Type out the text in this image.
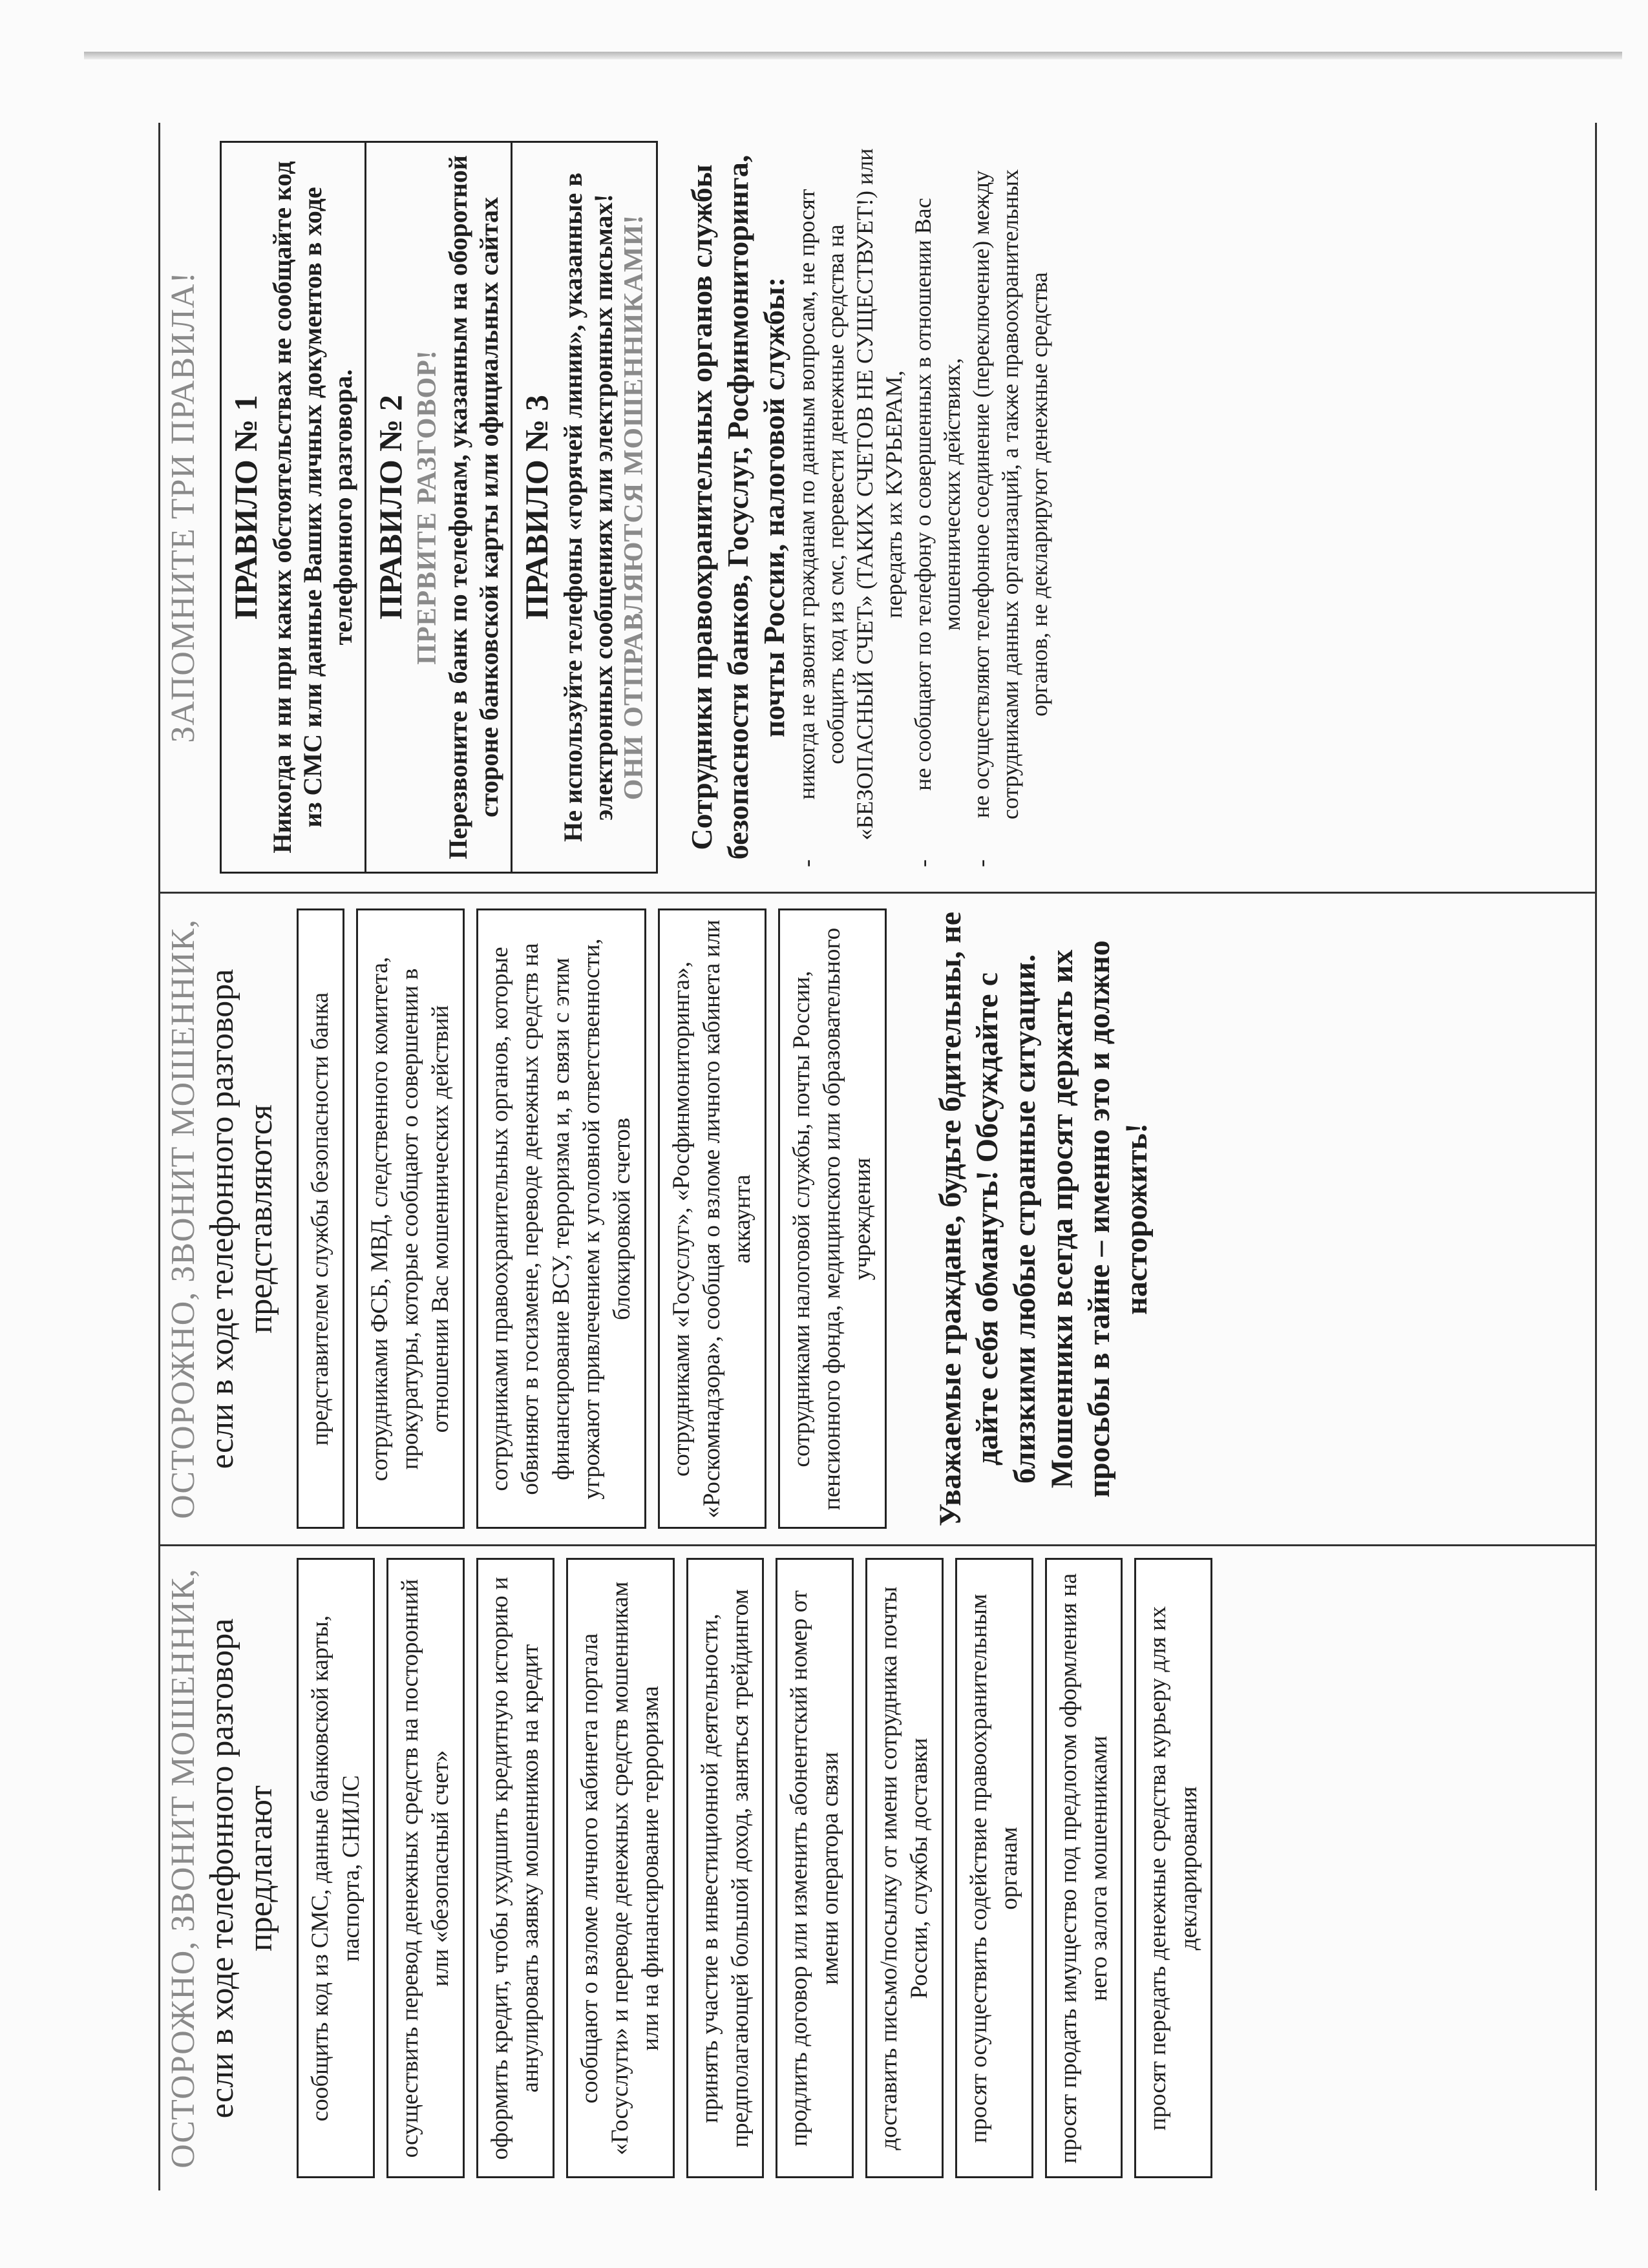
ОСТОРОЖНО, ЗВОНИТ МОШЕННИК, если в ходе телефонного разговора предлагают	сообщить код из СМС, данные банковской карты, паспорта, СНИЛС	осуществить перевод денежных средств на посторонний или «безопасный счет»	оформить кредит, чтобы ухудшить кредитную историю и аннулировать заявку мошенников на кредит	сообщают о взломе личного кабинета портала «Госуслуги» и переводе денежных средств мошенникам или на финансирование терроризма	принять участие в инвестиционной деятельности, предполагающей большой доход, заняться трейдингом	продлить договор или изменить абонентский номер от имени оператора связи	доставить письмо/посылку от имени сотрудника почты России, службы доставки	просят осуществить содействие правоохранительным органам	просят продать имущество под предлогом оформления на него залога мошенниками	просят передать денежные средства курьеру для их декларирования
ОСТОРОЖНО, ЗВОНИТ МОШЕННИК, если в ходе телефонного разговора представляются	представителем службы безопасности банка	сотрудниками ФСБ, МВД, следственного комитета, прокуратуры, которые сообщают о совершении в отношении Вас мошеннических действий	сотрудниками правоохранительных органов, которые обвиняют в госизмене, переводе денежных средств на финансирование ВСУ, терроризма и, в связи с этим угрожают привлечением к уголовной ответственности, блокировкой счетов	сотрудниками «Госуслуг», «Росфинмониторинга», «Роскомнадзора», сообщая о взломе личного кабинета или аккаунта	сотрудниками налоговой службы, почты России, пенсионного фонда, медицинского или образовательного учреждения	Уважаемые граждане, будьте бдительны, не дайте себя обмануть! Обсуждайте с близкими любые странные ситуации. Мошенники всегда просят держать их просьбы в тайне – именно это и должно насторожить!
ЗАПОМНИТЕ ТРИ ПРАВИЛА! ПРАВИЛО № 1 Никогда и ни при каких обстоятельствах не сообщайте код из СМС или данные Ваших личных документов в ходе телефонного разговора. ПРАВИЛО № 2 ПРЕРВИТЕ РАЗГОВОР! Перезвоните в банк по телефонам, указанным на оборотной стороне банковской карты или официальных сайтах ПРАВИЛО № 3 Не используйте телефоны «горячей линии», указанные в электронных сообщениях или электронных письмах! ОНИ ОТПРАВЛЯЮТСЯ МОШЕННИКАМИ! Сотрудники правоохранительных органов службы безопасности банков, Госуслуг, Росфинмониторинга, почты России, налоговой службы:
-
никогда не звонят гражданам по данным вопросам, не просят сообщить код из смс, перевести денежные средства на «БЕЗОПАСНЫЙ СЧЕТ» (ТАКИХ СЧЕТОВ НЕ СУЩЕСТВУЕТ!) или передать их КУРЬЕРАМ,
-
не сообщают по телефону о совершенных в отношении Вас мошеннических действиях,
-
не осуществляют телефонное соединение (переключение) между сотрудниками данных организаций, а также правоохранительных органов, не декларируют денежные средства
